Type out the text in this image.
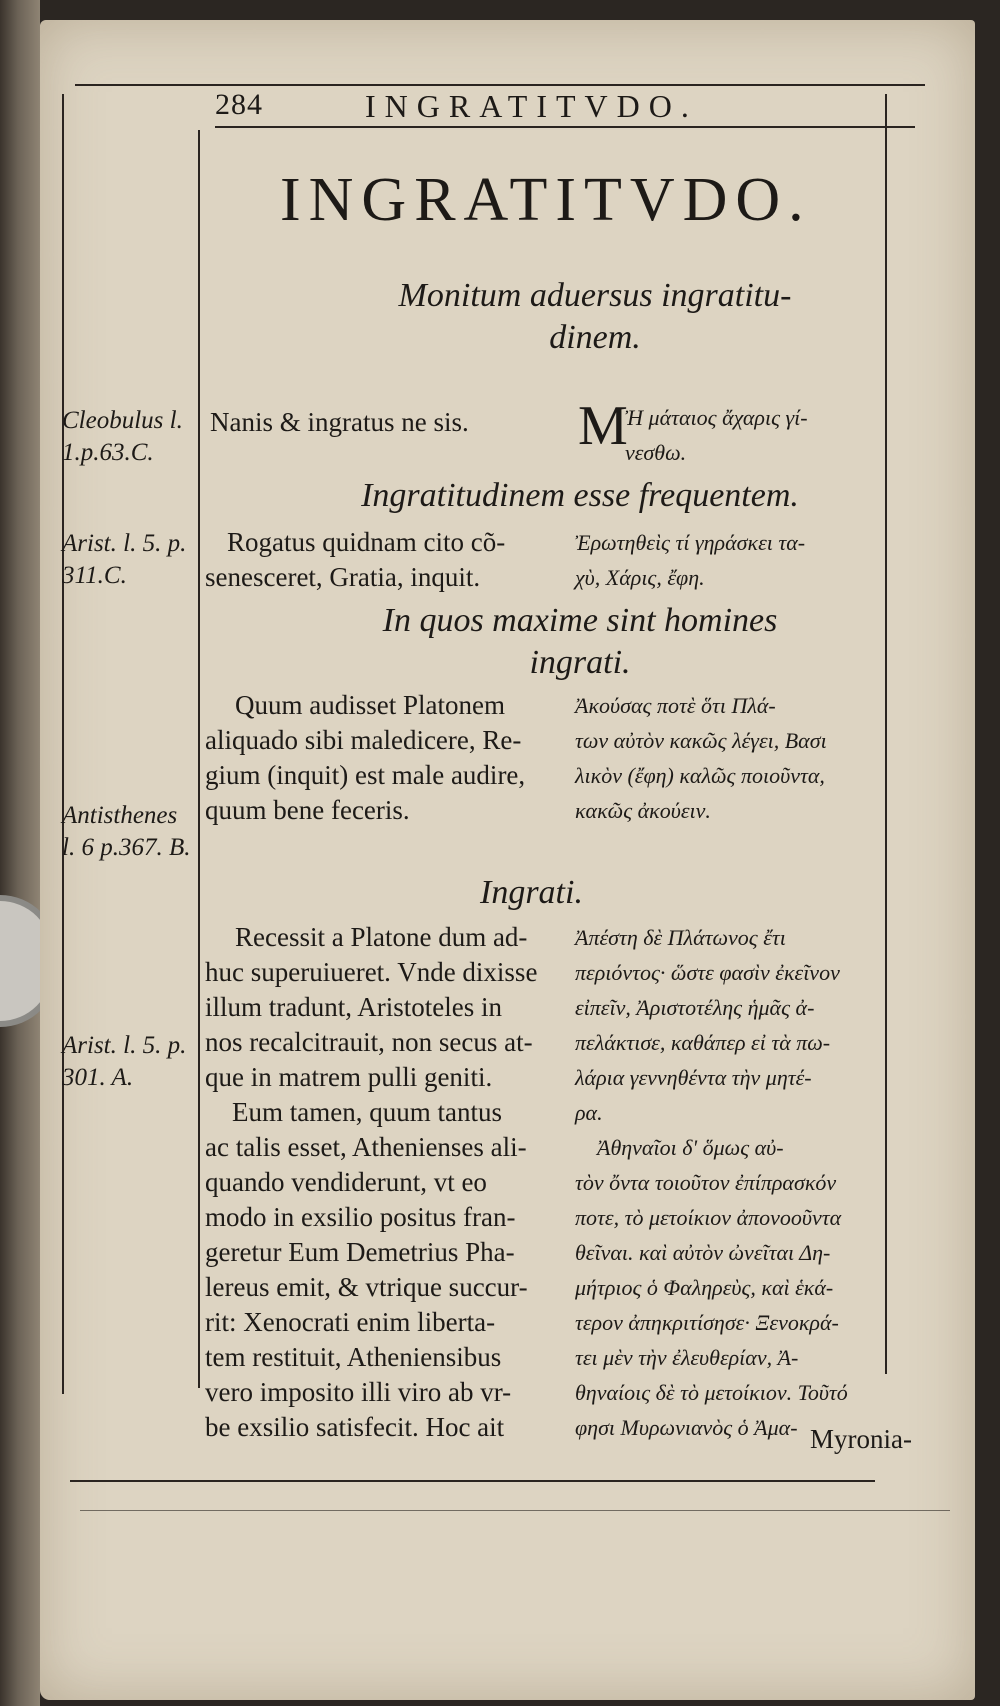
284	INGRATITVDO.
INGRATITVDO.
Monitum aduersus ingratitu-
dinem.
Cleobulus l.
1.p.63.C.
Nanis & ingratus ne sis.	M
Ἠ μάταιος ἄχαρις γί-
νεσθω.
Ingratitudinem esse frequentem.
Arist. l. 5. p.
311.C.
Rogatus quidnam cito cõ-
senesceret, Gratia, inquit.
Ἐρωτηθεὶς τί γηράσκει τα-
χὺ, Χάρις, ἔφη.
In quos maxime sint homines
ingrati.
Antisthenes
l. 6 p.367. B.
Quum audisset Platonem
aliquado sibi maledicere, Re-
gium (inquit) est male audire,
quum bene feceris.
Ἀκούσας ποτὲ ὅτι Πλά-
των αὐτὸν κακῶς λέγει, Βασι
λικὸν (ἔφη) καλῶς ποιοῦντα,
κακῶς ἀκούειν.
Ingrati.
Arist. l. 5. p.
301. A.
Recessit a Platone dum ad-
huc superuiueret. Vnde dixisse
illum tradunt, Aristoteles in
nos recalcitrauit, non secus at-
que in matrem pulli geniti.
Eum tamen, quum tantus
ac talis esset, Athenienses ali-
quando vendiderunt, vt eo
modo in exsilio positus fran-
geretur Eum Demetrius Pha-
lereus emit, & vtrique succur-
rit: Xenocrati enim liberta-
tem restituit, Atheniensibus
vero imposito illi viro ab vr-
be exsilio satisfecit. Hoc ait
Ἀπέστη δὲ Πλάτωνος ἔτι
περιόντος· ὥστε φασὶν ἐκεῖνον
εἰπεῖν, Ἀριστοτέλης ἡμᾶς ἀ-
πελάκτισε, καθάπερ εἰ τὰ πω-
λάρια γεννηθέντα τὴν μητέ-
ρα.
Ἀθηναῖοι δ' ὅμως αὐ-
τὸν ὄντα τοιοῦτον ἐπίπρασκόν
ποτε, τὸ μετοίκιον ἀπονοοῦντα
θεῖναι. καὶ αὐτὸν ὠνεῖται Δη-
μήτριος ὁ Φαληρεὺς, καὶ ἑκά-
τερον ἀπηκριτίσησε· Ξενοκρά-
τει μὲν τὴν ἐλευθερίαν, Ἀ-
θηναίοις δὲ τὸ μετοίκιον. Τοῦτό
φησι Μυρωνιανὸς ὁ Ἀμα- Myronia-
